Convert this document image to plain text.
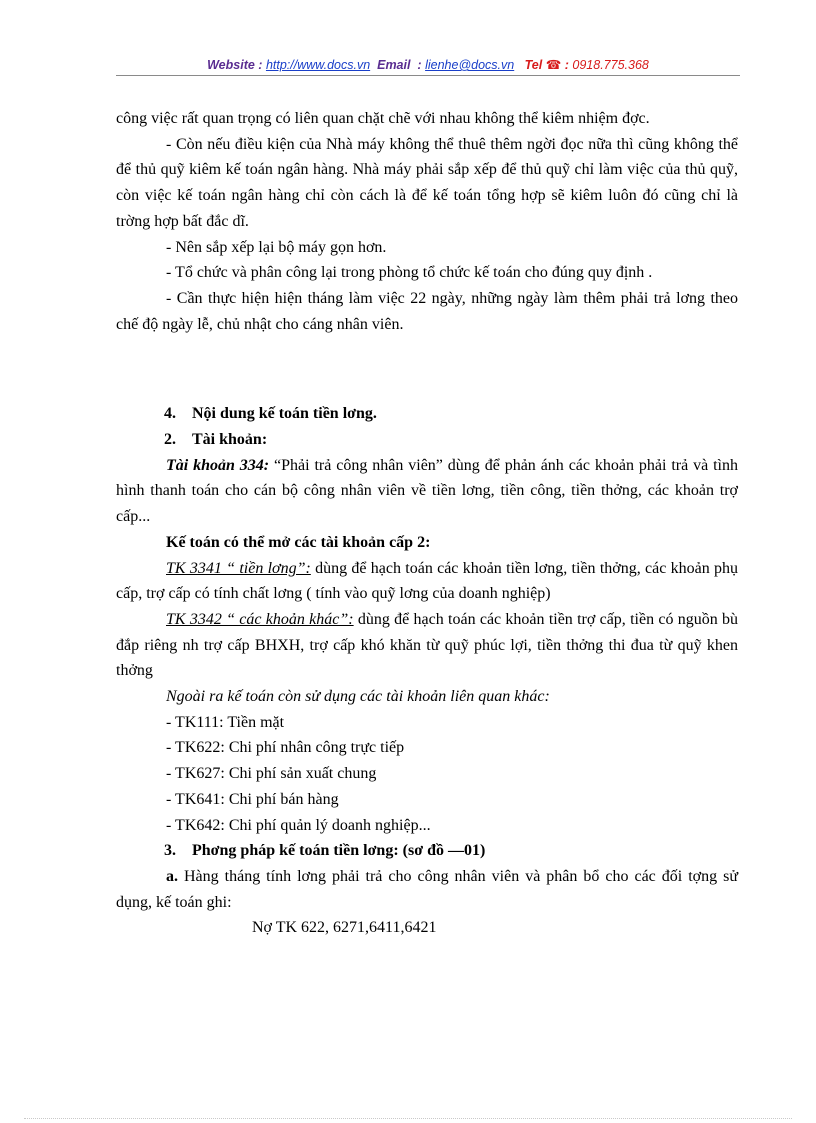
Website : http://www.docs.vn Email : lienhe@docs.vn Tel ☎ : 0918.775.368

công việc rất quan trọng có liên quan chặt chẽ với nhau không thể kiêm nhiệm đợc.

- Còn nếu điều kiện của Nhà máy không thể thuê thêm ngời đọc nữa thì cũng không thể để thủ quỹ kiêm kế toán ngân hàng. Nhà máy phải sắp xếp để thủ quỹ chỉ làm việc của thủ quỹ, còn việc kế toán ngân hàng chỉ còn cách là để kế toán tổng hợp sẽ kiêm luôn đó cũng chỉ là trờng hợp bất đắc dĩ.

- Nên sắp xếp lại bộ máy gọn hơn.

- Tổ chức và phân công lại trong phòng tổ chức kế toán cho đúng quy định .

- Cần thực hiện hiện tháng làm việc 22 ngày, những ngày làm thêm phải trả lơng theo chế độ ngày lễ, chủ nhật cho cáng nhân viên.

4. Nội dung kế toán tiền lơng.

2. Tài khoản:

Tài khoản 334: “Phải trả công nhân viên” dùng để phản ánh các khoản phải trả và tình hình thanh toán cho cán bộ công nhân viên về tiền lơng, tiền công, tiền thởng, các khoản trợ cấp...

Kế toán có thể mở các tài khoản cấp 2:

TK 3341 “ tiền lơng”: dùng để hạch toán các khoản tiền lơng, tiền thởng, các khoản phụ cấp, trợ cấp có tính chất lơng ( tính vào quỹ lơng của doanh nghiệp)

TK 3342 “ các khoản khác”: dùng để hạch toán các khoản tiền trợ cấp, tiền có nguồn bù đắp riêng nh trợ cấp BHXH, trợ cấp khó khăn từ quỹ phúc lợi, tiền thởng thi đua từ quỹ khen thởng

Ngoài ra kế toán còn sử dụng các tài khoản liên quan khác:

- TK111: Tiền mặt

- TK622: Chi phí nhân công trực tiếp

- TK627: Chi phí sản xuất chung

- TK641: Chi phí bán hàng

- TK642: Chi phí quản lý doanh nghiệp...

3. Phơng pháp kế toán tiền lơng: (sơ đồ —01)

a. Hàng tháng tính lơng phải trả cho công nhân viên và phân bổ cho các đối tợng sử dụng, kế toán ghi:

Nợ TK 622, 6271,6411,6421
